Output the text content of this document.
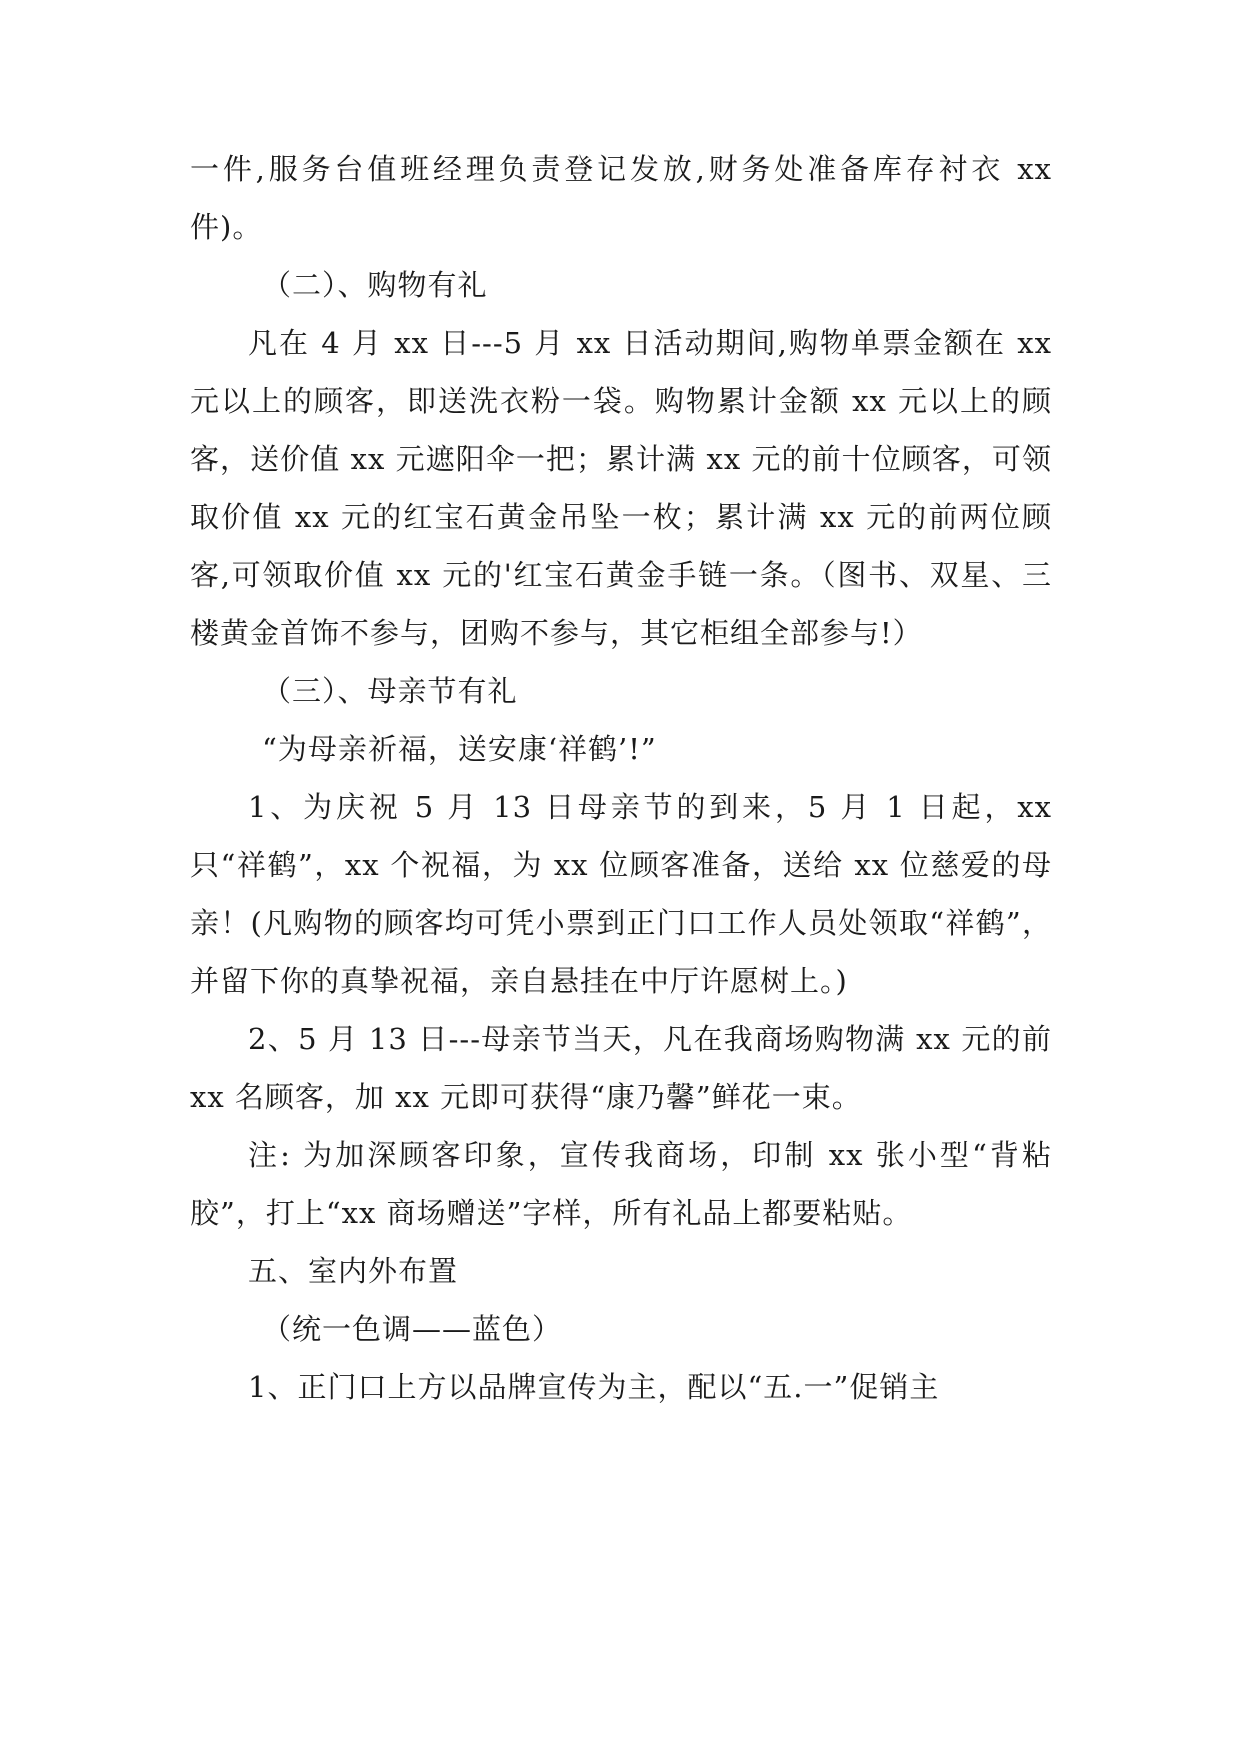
一件,服务台值班经理负责登记发放,财务处准备库存衬衣 xx 件)。

（二）、购物有礼

凡在 4 月 xx 日---5 月 xx 日活动期间,购物单票金额在 xx 元以上的顾客，即送洗衣粉一袋。购物累计金额 xx 元以上的顾客，送价值 xx 元遮阳伞一把；累计满 xx 元的前十位顾客，可领取价值 xx 元的红宝石黄金吊坠一枚；累计满 xx 元的前两位顾客,可领取价值 xx 元的'红宝石黄金手链一条。（图书、双星、三楼黄金首饰不参与，团购不参与，其它柜组全部参与!）

（三）、母亲节有礼

“为母亲祈福，送安康‘祥鹤’!”

1、为庆祝 5 月 13 日母亲节的到来，5 月 1 日起，xx 只“祥鹤”，xx 个祝福，为 xx 位顾客准备，送给 xx 位慈爱的母亲！(凡购物的顾客均可凭小票到正门口工作人员处领取“祥鹤”，并留下你的真挚祝福，亲自悬挂在中厅许愿树上。)

2、5 月 13 日---母亲节当天，凡在我商场购物满 xx 元的前 xx 名顾客，加 xx 元即可获得“康乃馨”鲜花一束。

注: 为加深顾客印象，宣传我商场，印制 xx 张小型“背粘胶”，打上“xx 商场赠送”字样，所有礼品上都要粘贴。

五、室内外布置

（统一色调——蓝色）

1、正门口上方以品牌宣传为主，配以“五.一”促销主
